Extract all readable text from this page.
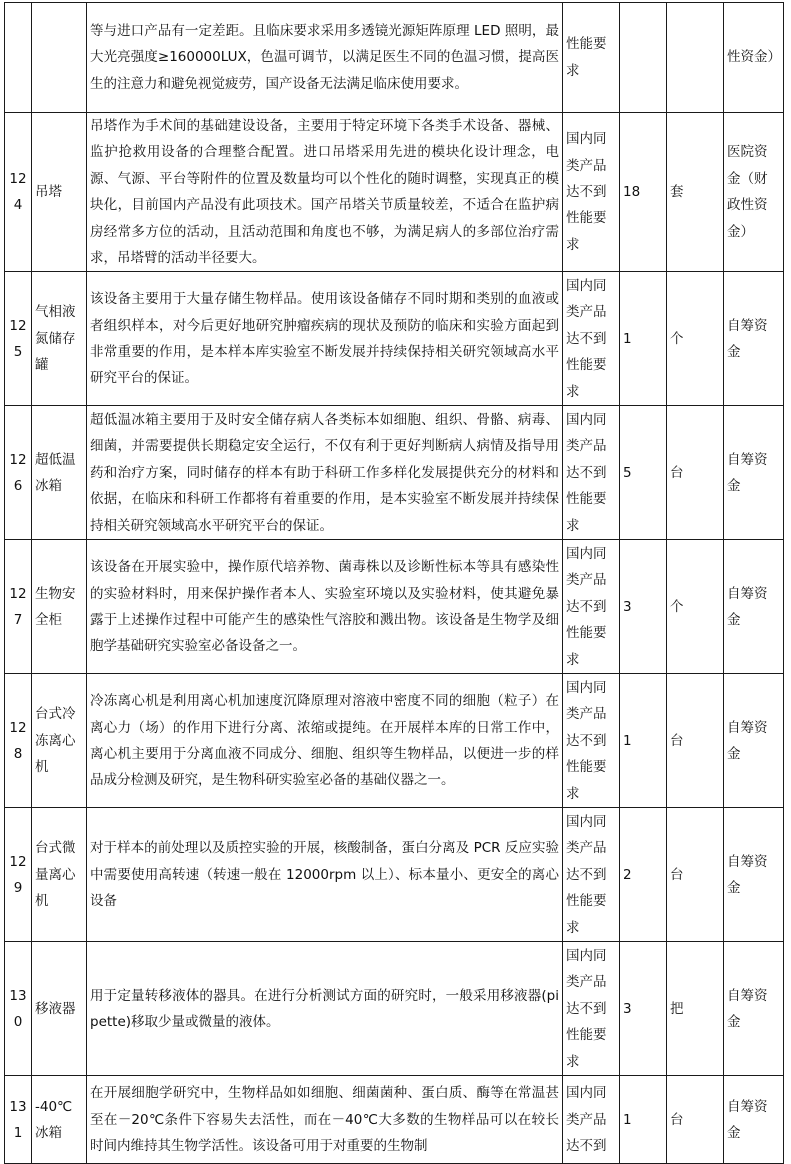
		等与进口产品有一定差距。且临床要求采用多透镜光源矩阵原理 LED 照明，最大光亮强度≥160000LUX，色温可调节，以满足医生不同的色温习惯，提高医生的注意力和避免视觉疲劳，国产设备无法满足临床使用要求。	性能要求			性资金）
124	吊塔	吊塔作为手术间的基础建设设备，主要用于特定环境下各类手术设备、器械、监护抢救用设备的合理整合配置。进口吊塔采用先进的模块化设计理念，电源、气源、平台等附件的位置及数量均可以个性化的随时调整，实现真正的模块化，目前国内产品没有此项技术。国产吊塔关节质量较差，不适合在监护病房经常多方位的活动，且活动范围和角度也不够，为满足病人的多部位治疗需求，吊塔臂的活动半径要大。	国内同类产品达不到性能要求	18	套	医院资金（财政性资金）
125	气相液氮储存罐	该设备主要用于大量存储生物样品。使用该设备储存不同时期和类别的血液或者组织样本，对今后更好地研究肿瘤疾病的现状及预防的临床和实验方面起到非常重要的作用，是本样本库实验室不断发展并持续保持相关研究领域高水平研究平台的保证。	国内同类产品达不到性能要求	1	个	自筹资金
126	超低温冰箱	超低温冰箱主要用于及时安全储存病人各类标本如细胞、组织、骨骼、病毒、细菌，并需要提供长期稳定安全运行，不仅有利于更好判断病人病情及指导用药和治疗方案，同时储存的样本有助于科研工作多样化发展提供充分的材料和依据，在临床和科研工作都将有着重要的作用，是本实验室不断发展并持续保持相关研究领域高水平研究平台的保证。	国内同类产品达不到性能要求	5	台	自筹资金
127	生物安全柜	该设备在开展实验中，操作原代培养物、菌毒株以及诊断性标本等具有感染性的实验材料时，用来保护操作者本人、实验室环境以及实验材料，使其避免暴露于上述操作过程中可能产生的感染性气溶胶和溅出物。该设备是生物学及细胞学基础研究实验室必备设备之一。	国内同类产品达不到性能要求	3	个	自筹资金
128	台式冷冻离心机	冷冻离心机是利用离心机加速度沉降原理对溶液中密度不同的细胞（粒子）在离心力（场）的作用下进行分离、浓缩或提纯。在开展样本库的日常工作中，离心机主要用于分离血液不同成分、细胞、组织等生物样品，以便进一步的样品成分检测及研究，是生物科研实验室必备的基础仪器之一。	国内同类产品达不到性能要求	1	台	自筹资金
129	台式微量离心机	对于样本的前处理以及质控实验的开展，核酸制备，蛋白分离及 PCR 反应实验中需要使用高转速（转速一般在 12000rpm 以上）、标本量小、更安全的离心设备	国内同类产品达不到性能要求	2	台	自筹资金
130	移液器	用于定量转移液体的器具。在进行分析测试方面的研究时，一般采用移液器(pipette)移取少量或微量的液体。	国内同类产品达不到性能要求	3	把	自筹资金
131	-40℃冰箱	在开展细胞学研究中，生物样品如如细胞、细菌菌种、蛋白质、酶等在常温甚至在－20℃条件下容易失去活性，而在－40℃大多数的生物样品可以在较长时间内维持其生物学活性。该设备可用于对重要的生物制	国内同类产品达不到	1	台	自筹资金
